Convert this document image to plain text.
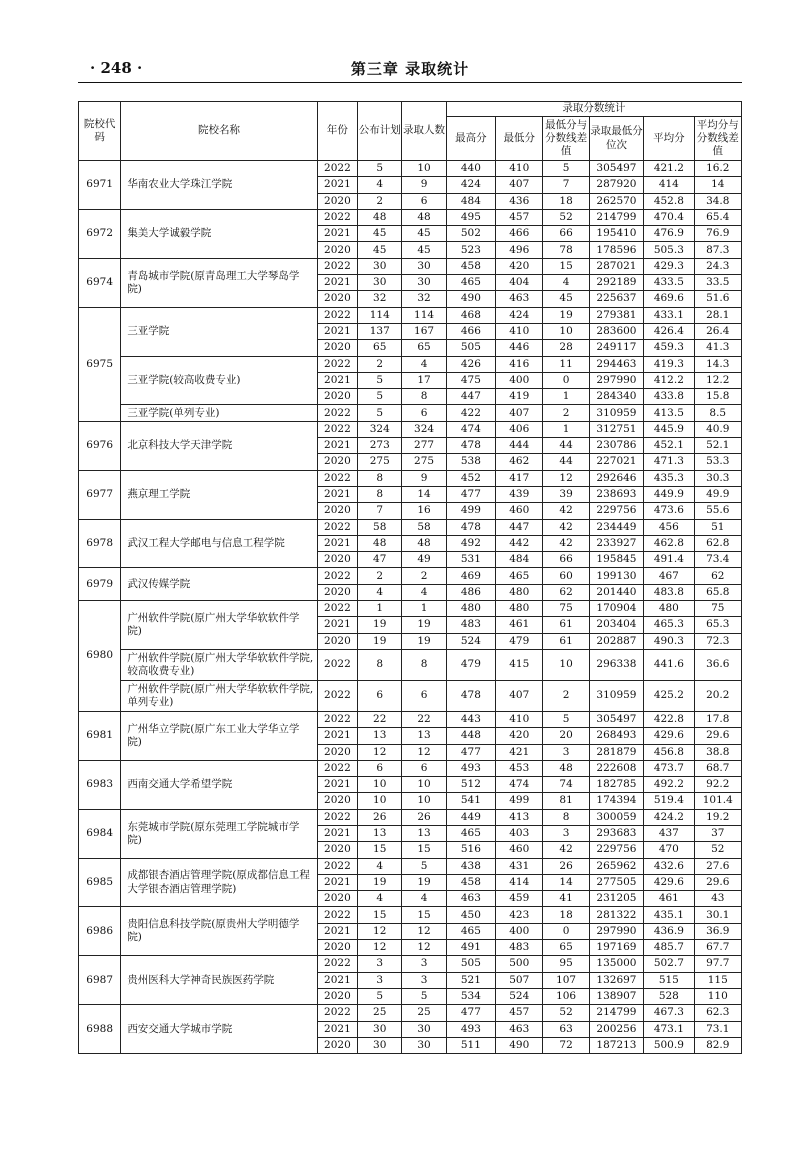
· 248 ·	第三章 录取统计
院校代码	院校名称	年份	公布计划	录取人数	录取分数统计					
					最高分	最低分	最低分与分数线差值	录取最低分位次	平均分	平均分与分数线差值
6971	华南农业大学珠江学院	2022	5	10	440	410	5	305497	421.2	16.2
		2021	4	9	424	407	7	287920	414	14
		2020	2	6	484	436	18	262570	452.8	34.8
6972	集美大学诚毅学院	2022	48	48	495	457	52	214799	470.4	65.4
		2021	45	45	502	466	66	195410	476.9	76.9
		2020	45	45	523	496	78	178596	505.3	87.3
6974	青岛城市学院(原青岛理工大学琴岛学院)	2022	30	30	458	420	15	287021	429.3	24.3
		2021	30	30	465	404	4	292189	433.5	33.5
		2020	32	32	490	463	45	225637	469.6	51.6
6975	三亚学院	2022	114	114	468	424	19	279381	433.1	28.1
		2021	137	167	466	410	10	283600	426.4	26.4
		2020	65	65	505	446	28	249117	459.3	41.3
	三亚学院(较高收费专业)	2022	2	4	426	416	11	294463	419.3	14.3
		2021	5	17	475	400	0	297990	412.2	12.2
		2020	5	8	447	419	1	284340	433.8	15.8
	三亚学院(单列专业)	2022	5	6	422	407	2	310959	413.5	8.5
6976	北京科技大学天津学院	2022	324	324	474	406	1	312751	445.9	40.9
		2021	273	277	478	444	44	230786	452.1	52.1
		2020	275	275	538	462	44	227021	471.3	53.3
6977	燕京理工学院	2022	8	9	452	417	12	292646	435.3	30.3
		2021	8	14	477	439	39	238693	449.9	49.9
		2020	7	16	499	460	42	229756	473.6	55.6
6978	武汉工程大学邮电与信息工程学院	2022	58	58	478	447	42	234449	456	51
		2021	48	48	492	442	42	233927	462.8	62.8
		2020	47	49	531	484	66	195845	491.4	73.4
6979	武汉传媒学院	2022	2	2	469	465	60	199130	467	62
		2020	4	4	486	480	62	201440	483.8	65.8
6980	广州软件学院(原广州大学华软软件学院)	2022	1	1	480	480	75	170904	480	75
		2021	19	19	483	461	61	203404	465.3	65.3
		2020	19	19	524	479	61	202887	490.3	72.3
	广州软件学院(原广州大学华软软件学院,较高收费专业)	2022	8	8	479	415	10	296338	441.6	36.6
	广州软件学院(原广州大学华软软件学院,单列专业)	2022	6	6	478	407	2	310959	425.2	20.2
6981	广州华立学院(原广东工业大学华立学院)	2022	22	22	443	410	5	305497	422.8	17.8
		2021	13	13	448	420	20	268493	429.6	29.6
		2020	12	12	477	421	3	281879	456.8	38.8
6983	西南交通大学希望学院	2022	6	6	493	453	48	222608	473.7	68.7
		2021	10	10	512	474	74	182785	492.2	92.2
		2020	10	10	541	499	81	174394	519.4	101.4
6984	东莞城市学院(原东莞理工学院城市学院)	2022	26	26	449	413	8	300059	424.2	19.2
		2021	13	13	465	403	3	293683	437	37
		2020	15	15	516	460	42	229756	470	52
6985	成都银杏酒店管理学院(原成都信息工程大学银杏酒店管理学院)	2022	4	5	438	431	26	265962	432.6	27.6
		2021	19	19	458	414	14	277505	429.6	29.6
		2020	4	4	463	459	41	231205	461	43
6986	贵阳信息科技学院(原贵州大学明德学院)	2022	15	15	450	423	18	281322	435.1	30.1
		2021	12	12	465	400	0	297990	436.9	36.9
		2020	12	12	491	483	65	197169	485.7	67.7
6987	贵州医科大学神奇民族医药学院	2022	3	3	505	500	95	135000	502.7	97.7
		2021	3	3	521	507	107	132697	515	115
		2020	5	5	534	524	106	138907	528	110
6988	西安交通大学城市学院	2022	25	25	477	457	52	214799	467.3	62.3
		2021	30	30	493	463	63	200256	473.1	73.1
		2020	30	30	511	490	72	187213	500.9	82.9
